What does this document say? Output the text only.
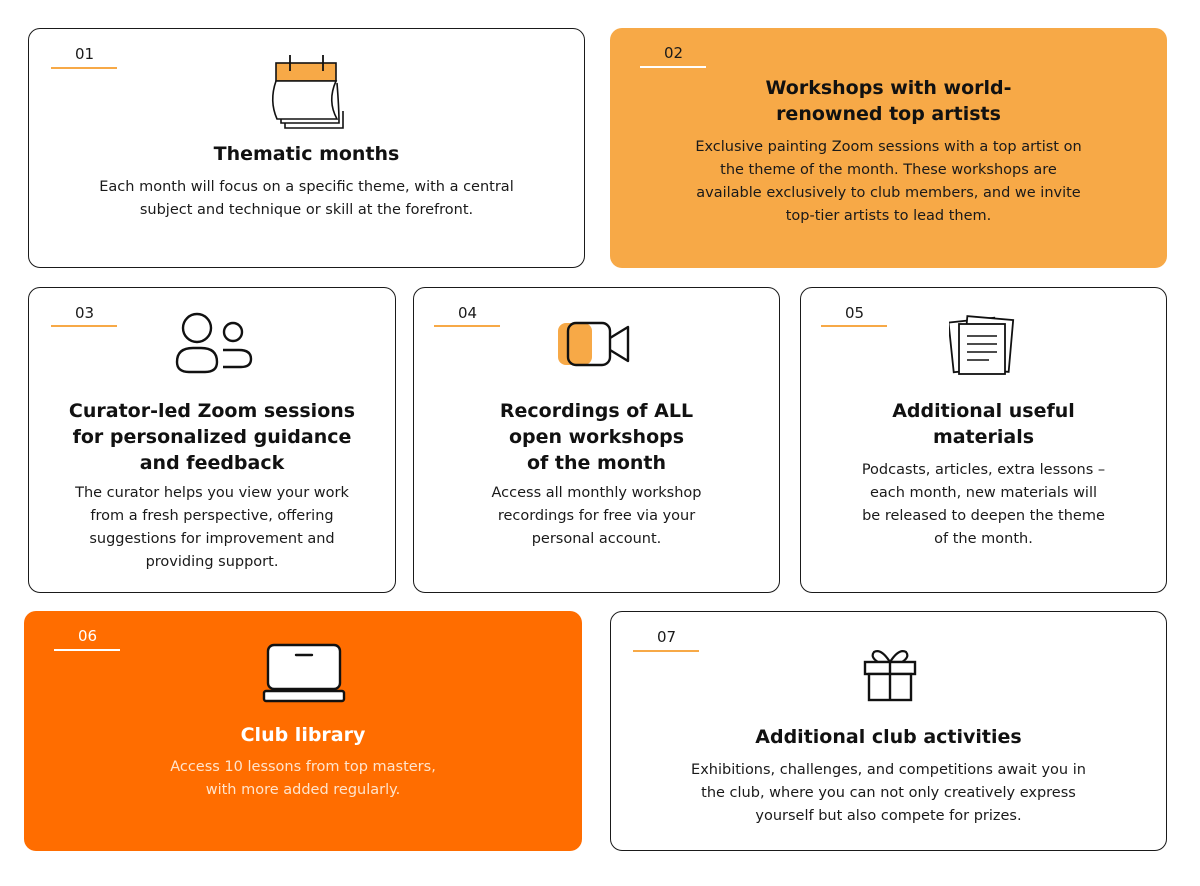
01
Thematic months
Each month will focus on a specific theme, with a central
subject and technique or skill at the forefront.
02
Workshops with world-
renowned top artists
Exclusive painting Zoom sessions with a top artist on
the theme of the month. These workshops are
available exclusively to club members, and we invite
top-tier artists to lead them.
03
Curator-led Zoom sessions
for personalized guidance
and feedback
The curator helps you view your work
from a fresh perspective, offering
suggestions for improvement and
providing support.
04
Recordings of ALL
open workshops
of the month
Access all monthly workshop
recordings for free via your
personal account.
05
Additional useful
materials
Podcasts, articles, extra lessons –
each month, new materials will
be released to deepen the theme
of the month.
06
Club library
Access 10 lessons from top masters,
with more added regularly.
07
Additional club activities
Exhibitions, challenges, and competitions await you in
the club, where you can not only creatively express
yourself but also compete for prizes.
